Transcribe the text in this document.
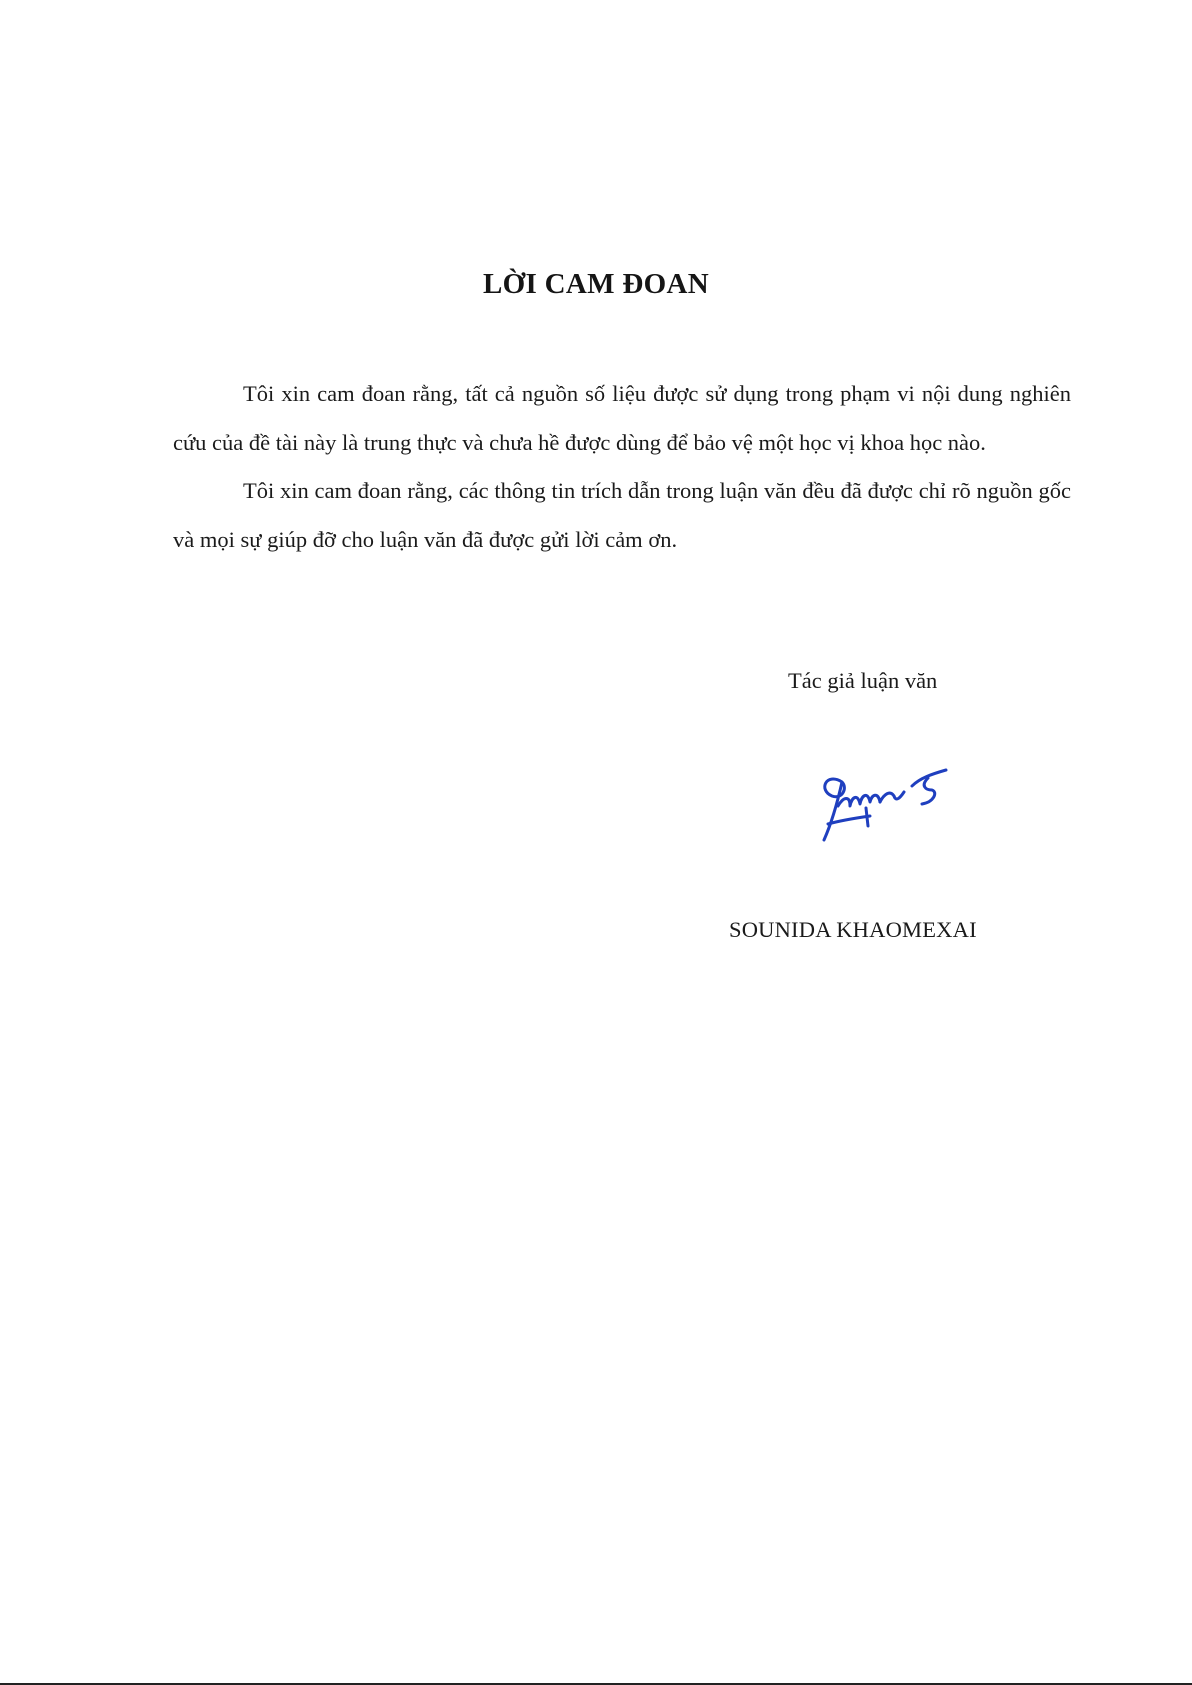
LỜI CAM ĐOAN

Tôi xin cam đoan rằng, tất cả nguồn số liệu được sử dụng trong phạm vi nội dung nghiên cứu của đề tài này là trung thực và chưa hề được dùng để bảo vệ một học vị khoa học nào.

Tôi xin cam đoan rằng, các thông tin trích dẫn trong luận văn đều đã được chỉ rõ nguồn gốc và mọi sự giúp đỡ cho luận văn đã được gửi lời cảm ơn.

Tác giả luận văn
SOUNIDA KHAOMEXAI
